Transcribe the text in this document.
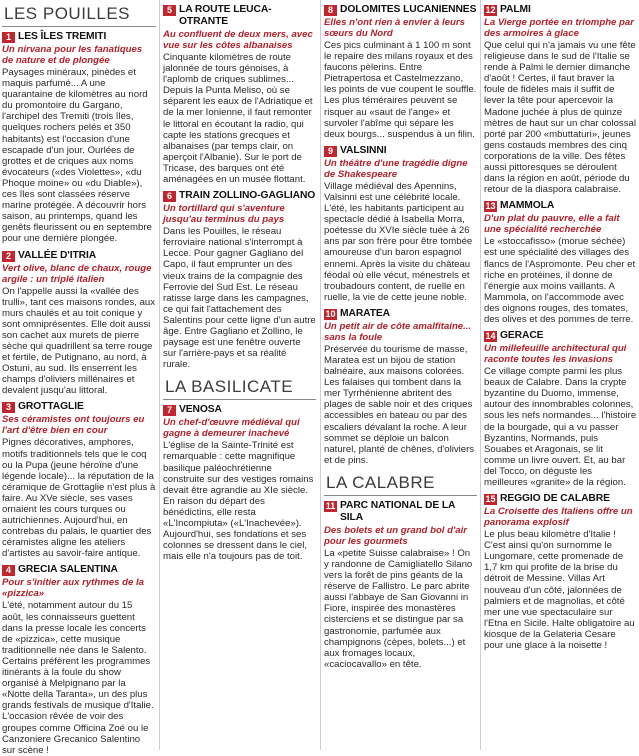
LES POUILLES
1 LES ÎLES TREMITI
Un nirvana pour les fanatiques de nature et de plongée

Paysages minéraux, pinèdes et maquis parfumé... A une quarantaine de kilomètres au nord du promontoire du Gargano, l'archipel des Tremiti (trois îles, quelques rochers pelés et 350 habitants) est l'occasion d'une escapade d'un jour. Ourlées de grottes et de criques aux noms évocateurs («des Violettes», «du Phoque moine» ou «du Diable»), ces îles sont classées réserve marine protégée. A découvrir hors saison, au printemps, quand les genêts fleurissent ou en septembre pour une dernière plongée.

2 VALLÉE D'ITRIA
Vert olive, blanc de chaux, rouge argile : un triplé italien

On l'appelle aussi la «vallée des trulli», tant ces maisons rondes, aux murs chaulés et au toit conique y sont omniprésentes. Elle doit aussi son cachet aux murets de pierre sèche qui quadrillent sa terre rouge et fertile, de Putignano, au nord, à Ostuni, au sud. Ils enserrent les champs d'oliviers millénaires et devalent jusqu'au littoral.

3 GROTTAGLIE
Ses céramistes ont toujours eu l'art d'être bien en cour

Pignes décoratives, amphores, motifs traditionnels tels que le coq ou la Pupa (jeune héroïne d'une légende locale)... la réputation de la céramique de Grottaglie n'est plus à faire. Au XVe siècle, ses vases ornaient les cours turques ou autrichiennes. Aujourd'hui, en contrebas du palais, le quartier des céramistes aligne les ateliers d'artistes au savoir-faire antique.

4 GRECIA SALENTINA
Pour s'initier aux rythmes de la «pizzica»

L'été, notamment autour du 15 août, les connaisseurs guettent dans la presse locale les concerts de «pizzica», cette musique traditionnelle née dans le Salento. Certains préfèrent les programmes itinérants à la foule du show organisé à Melpignano par la «Notte della Taranta», un des plus grands festivals de musique d'Italie. L'occasion rêvée de voir des groupes comme Officina Zoé ou le Canzoniere Grecanico Salentino sur scène !

5 LA ROUTE LEUCA-OTRANTE
Au confluent de deux mers, avec vue sur les côtes albanaises

Cinquante kilomètres de route jalonnée de tours génoises, à l'aplomb de criques sublimes... Depuis la Punta Meliso, où se séparent les eaux de l'Adriatique et de la mer Ionienne, il faut remonter le littoral en écoutant la radio, qui capte les stations grecques et albanaises (par temps clair, on aperçoit l'Albanie). Sur le port de Tricase, des barques ont été aménagées en un musée flottant.

6 TRAIN ZOLLINO-GAGLIANO
Un tortillard qui s'aventure jusqu'au terminus du pays

Dans les Pouilles, le réseau ferroviaire national s'interrompt à Lecce. Pour gagner Gagliano del Capo, il faut emprunter un des vieux trains de la compagnie des Ferrovie del Sud Est. Le réseau ratisse large dans les campagnes, ce qui fait l'attachement des Salentins pour cette ligne d'un autre âge. Entre Gagliano et Zollino, le paysage est une fenêtre ouverte sur l'arrière-pays et sa réalité rurale.

LA BASILICATE
7 VENOSA
Un chef-d'œuvre médiéval qui gagne à demeurer inachevé

L'église de la Sainte-Trinité est remarquable : cette magnifique basilique paléochrétienne construite sur des vestiges romains devait être agrandie au XIe siècle. En raison du départ des bénédictins, elle resta «L'Incompiuta» («L'Inachevée»). Aujourd'hui, ses fondations et ses colonnes se dressent dans le ciel, mais elle n'a toujours pas de toit.

8 DOLOMITES LUCANIENNES
Elles n'ont rien à envier à leurs sœurs du Nord

Ces pics culminant à 1 100 m sont le repaire des milans royaux et des faucons pèlerins. Entre Pietrapertosa et Castelmezzano, les points de vue coupent le souffle. Les plus téméraires peuvent se risquer au «saut de l'ange» et survoler l'abîme qui sépare les deux bourgs... suspendus à un filin.

9 VALSINNI
Un théâtre d'une tragédie digne de Shakespeare

Village médiéval des Apennins, Valsinni est une célébrité locale. L'été, les habitants participent au spectacle dédié à Isabella Morra, poétesse du XVIe siècle tuée à 26 ans par son frère pour être tombée amoureuse d'un baron espagnol ennemi. Après la visite du château féodal où elle vécut, ménestrels et troubadours content, de ruelle en ruelle, la vie de cette jeune noble.

10 MARATEA
Un petit air de côte amalfitaine... sans la foule

Préservée du tourisme de masse, Maratea est un bijou de station balnéaire, aux maisons colorées. Les falaises qui tombent dans la mer Tyrrhénienne abritent des plages de sable noir et des criques accessibles en bateau ou par des escaliers dévalant la roche. A leur sommet se déploie un balcon naturel, planté de chênes, d'oliviers et de pins.

LA CALABRE
11 PARC NATIONAL DE LA SILA
Des bolets et un grand bol d'air pour les gourmets

La «petite Suisse calabraise» ! On y randonne de Camigliatello Silano vers la forêt de pins géants de la réserve de Fallistro. Le parc abrite aussi l'abbaye de San Giovanni in Fiore, inspirée des monastères cisterciens et se distingue par sa gastronomie, parfumée aux champignons (cèpes, bolets...) et aux fromages locaux, «caciocavallo» en tête.

12 PALMI
La Vierge portée en triomphe par des armoires à glace

Que celui qui n'a jamais vu une fête religieuse dans le sud de l'Italie se rende à Palmi le dernier dimanche d'août ! Certes, il faut braver la foule de fidèles mais il suffit de lever la tête pour apercevoir la Madone juchée à plus de quinze mètres de haut sur un char colossal porté par 200 «mbuttaturi», jeunes gens costauds membres des cinq corporations de la ville. Des fêtes aussi pittoresques se déroulent dans la région en août, période du retour de la diaspora calabraise.

13 MAMMOLA
D'un plat du pauvre, elle a fait une spécialité recherchée

Le «stoccafisso» (morue séchée) est une spécialité des villages des flancs de l'Aspromonte. Peu cher et riche en protéines, il donne de l'énergie aux moins vaillants. A Mammola, on l'accommode avec des oignons rouges, des tomates, des olives et des pommes de terre.

14 GERACE
Un millefeuille architectural qui raconte toutes les invasions

Ce village compte parmi les plus beaux de Calabre. Dans la crypte byzantine du Duomo, immense, autour des innombrables colonnes, sous les nefs normandes... l'histoire de la bourgade, qui a vu passer Byzantins, Normands, puis Souabes et Aragonais, se lit comme un livre ouvert. Et, au bar del Tocco, on déguste les meilleures «granite» de la région.

15 REGGIO DE CALABRE
La Croisette des Italiens offre un panorama explosif

Le plus beau kilomètre d'Italie ! C'est ainsi qu'on surnomme le Lungomare, cette promenade de 1,7 km qui profite de la brise du détroit de Messine. Villas Art nouveau d'un côté, jalonnées de palmiers et de magnolias, et côté mer une vue spectaculaire sur l'Etna en Sicile. Halte obligatoire au kiosque de la Gelateria Cesare pour une glace à la noisette !
